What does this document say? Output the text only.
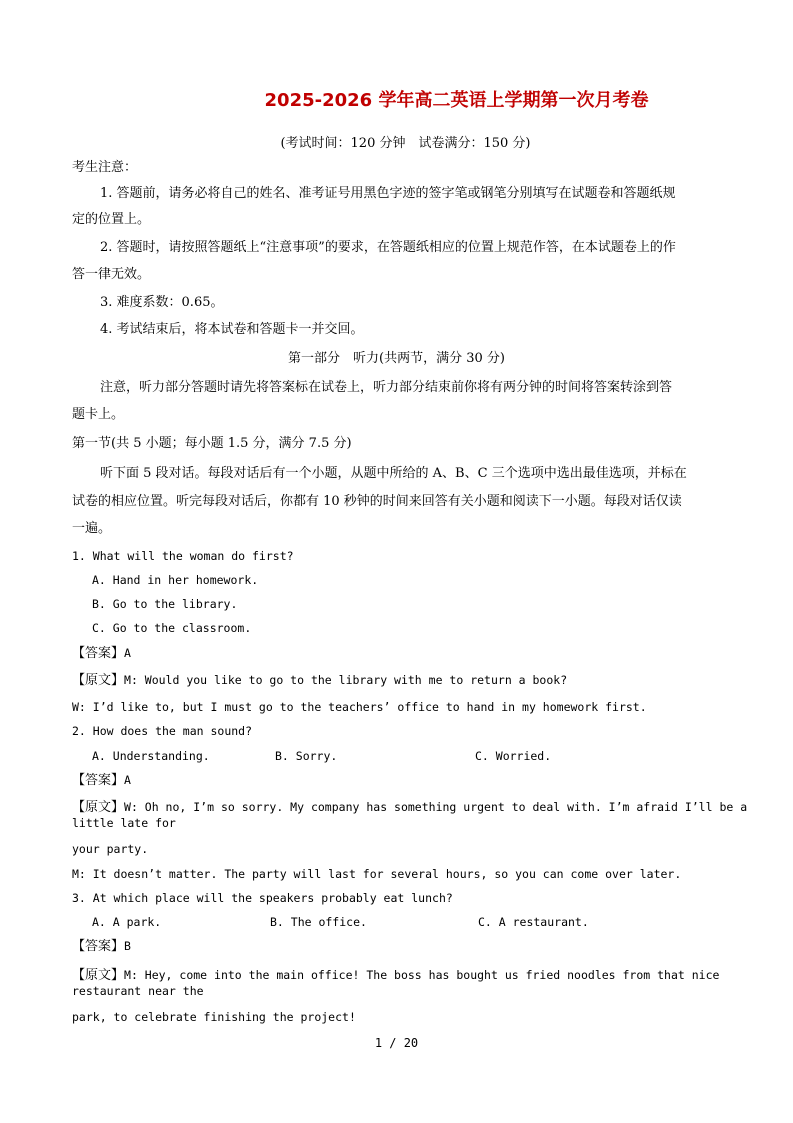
2025-2026 学年高二英语上学期第一次月考卷
(考试时间：120 分钟　试卷满分：150 分)
考生注意：
1. 答题前，请务必将自己的姓名、准考证号用黑色字迹的签字笔或钢笔分别填写在试题卷和答题纸规
定的位置上。
2. 答题时，请按照答题纸上“注意事项”的要求，在答题纸相应的位置上规范作答，在本试题卷上的作
答一律无效。
3. 难度系数：0.65。
4. 考试结束后，将本试卷和答题卡一并交回。
第一部分　听力(共两节，满分 30 分)
注意，听力部分答题时请先将答案标在试卷上，听力部分结束前你将有两分钟的时间将答案转涂到答
题卡上。
第一节(共 5 小题；每小题 1.5 分，满分 7.5 分)
听下面 5 段对话。每段对话后有一个小题，从题中所给的 A、B、C 三个选项中选出最佳选项，并标在
试卷的相应位置。听完每段对话后，你都有 10 秒钟的时间来回答有关小题和阅读下一小题。每段对话仅读
一遍。
1. What will the woman do first?
A. Hand in her homework.
B. Go to the library.
C. Go to the classroom.
【答案】A
【原文】M: Would you like to go to the library with me to return a book?
W: I’d like to, but I must go to the teachers’ office to hand in my homework first.
2. How does the man sound?
A. Understanding.	B. Sorry.	C. Worried.
【答案】A
【原文】W: Oh no, I’m so sorry. My company has something urgent to deal with. I’m afraid I’ll be a
little late for
your party.
M: It doesn’t matter. The party will last for several hours, so you can come over later.
3. At which place will the speakers probably eat lunch?
A. A park.	B. The office.	C. A restaurant.
【答案】B
【原文】M: Hey, come into the main office! The boss has bought us fried noodles from that nice
restaurant near the
park, to celebrate finishing the project!
1 / 20
